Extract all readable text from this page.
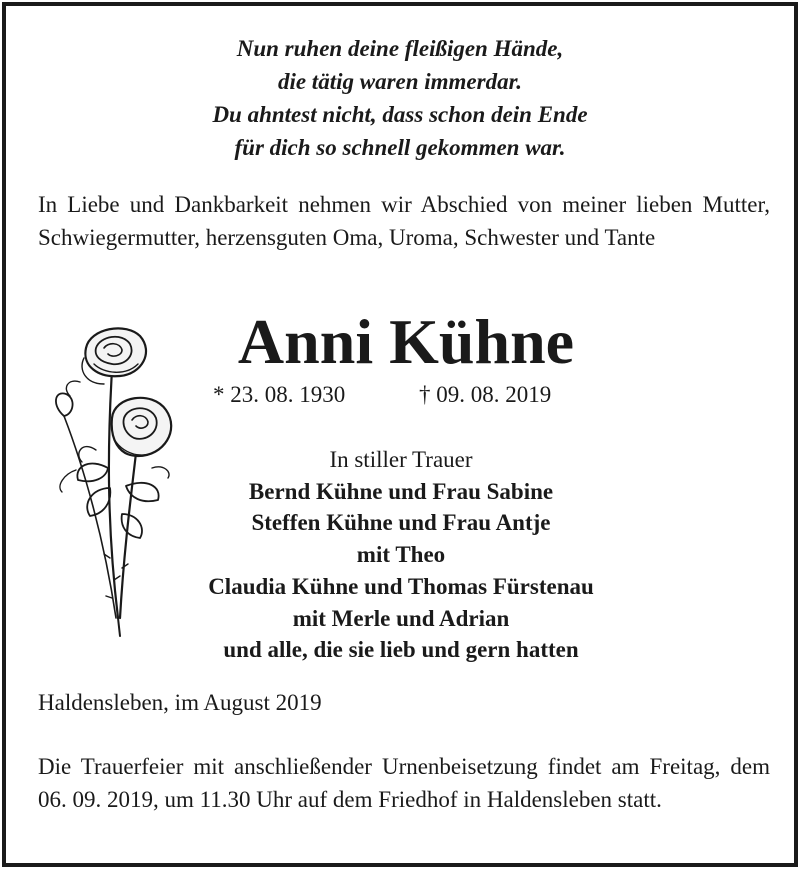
Nun ruhen deine fleißigen Hände,
die tätig waren immerdar.
Du ahntest nicht, dass schon dein Ende
für dich so schnell gekommen war.
In Liebe und Dankbarkeit nehmen wir Abschied von meiner lieben Mutter, Schwiegermutter, herzensguten Oma, Uroma, Schwester und Tante
Anni Kühne
* 23. 08. 1930	† 09. 08. 2019
In stiller Trauer
Bernd Kühne und Frau Sabine
Steffen Kühne und Frau Antje
mit Theo
Claudia Kühne und Thomas Fürstenau
mit Merle und Adrian
und alle, die sie lieb und gern hatten
Haldensleben, im August 2019
Die Trauerfeier mit anschließender Urnenbeisetzung findet am Freitag, dem 06. 09. 2019, um 11.30 Uhr auf dem Friedhof in Haldensleben statt.
